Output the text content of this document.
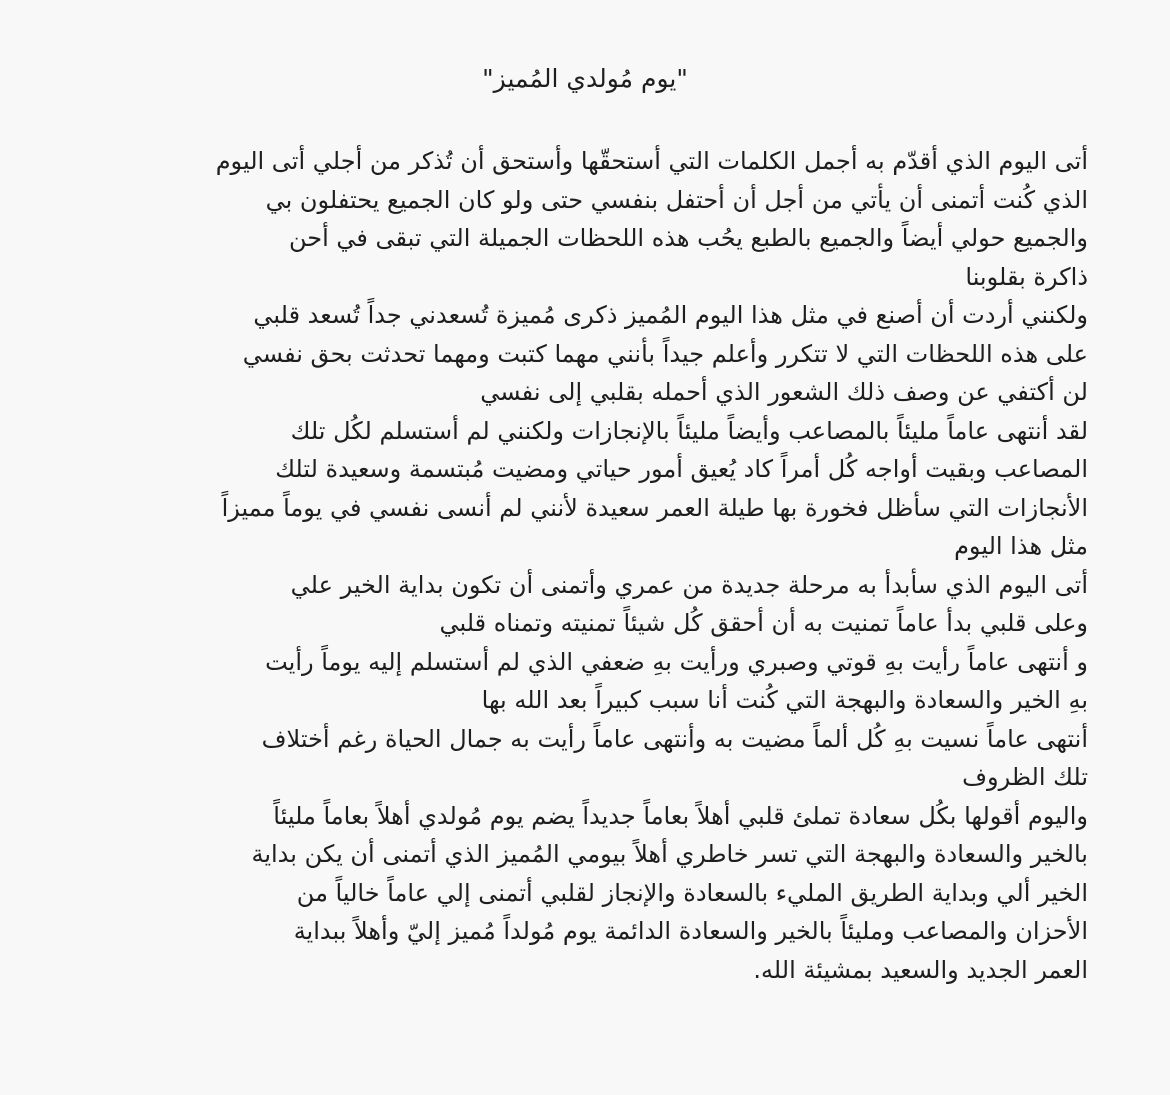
"يوم مُولدي المُميز"
أتى اليوم الذي أقدّم به أجمل الكلمات التي أستحقّها وأستحق أن تُذكر من أجلي أتى اليوم
الذي كُنت أتمنى أن يأتي من أجل أن أحتفل بنفسي حتى ولو كان الجميع يحتفلون بي
والجميع حولي أيضاً والجميع بالطبع يحُب هذه اللحظات الجميلة التي تبقى في أحن
ذاكرة بقلوبنا
ولكنني أردت أن أصنع في مثل هذا اليوم المُميز ذكرى مُميزة تُسعدني جداً تُسعد قلبي
على هذه اللحظات التي لا تتكرر وأعلم جيداً بأنني مهما كتبت ومهما تحدثت بحق نفسي
لن أكتفي عن وصف ذلك الشعور الذي أحمله بقلبي إلى نفسي
لقد أنتهى عاماً مليئاً بالمصاعب وأيضاً مليئاً بالإنجازات ولكنني لم أستسلم لكُل تلك
المصاعب وبقيت أواجه كُل أمراً كاد يُعيق أمور حياتي ومضيت مُبتسمة وسعيدة لتلك
الأنجازات التي سأظل فخورة بها طيلة العمر سعيدة لأنني لم أنسى نفسي في يوماً مميزاً
مثل هذا اليوم
أتى اليوم الذي سأبدأ به مرحلة جديدة من عمري وأتمنى أن تكون بداية الخير علي
وعلى قلبي بدأ عاماً تمنيت به أن أحقق كُل شيئاً تمنيته وتمناه قلبي
و أنتهى عاماً رأيت بهِ قوتي وصبري ورأيت بهِ ضعفي الذي لم أستسلم إليه يوماً رأيت
بهِ الخير والسعادة والبهجة التي كُنت أنا سبب كبيراً بعد الله بها
أنتهى عاماً نسيت بهِ كُل ألماً مضيت به وأنتهى عاماً رأيت به جمال الحياة رغم أختلاف
تلك الظروف
واليوم أقولها بكُل سعادة تملئ قلبي أهلاً بعاماً جديداً يضم يوم مُولدي أهلاً بعاماً مليئاً
بالخير والسعادة والبهجة التي تسر خاطري أهلاً بيومي المُميز الذي أتمنى أن يكن بداية
الخير ألي وبداية الطريق المليء بالسعادة والإنجاز لقلبي أتمنى إلي عاماً خالياً من
الأحزان والمصاعب ومليئاً بالخير والسعادة الدائمة يوم مُولداً مُميز إليّ وأهلاً ببداية
العمر الجديد والسعيد بمشيئة الله.
